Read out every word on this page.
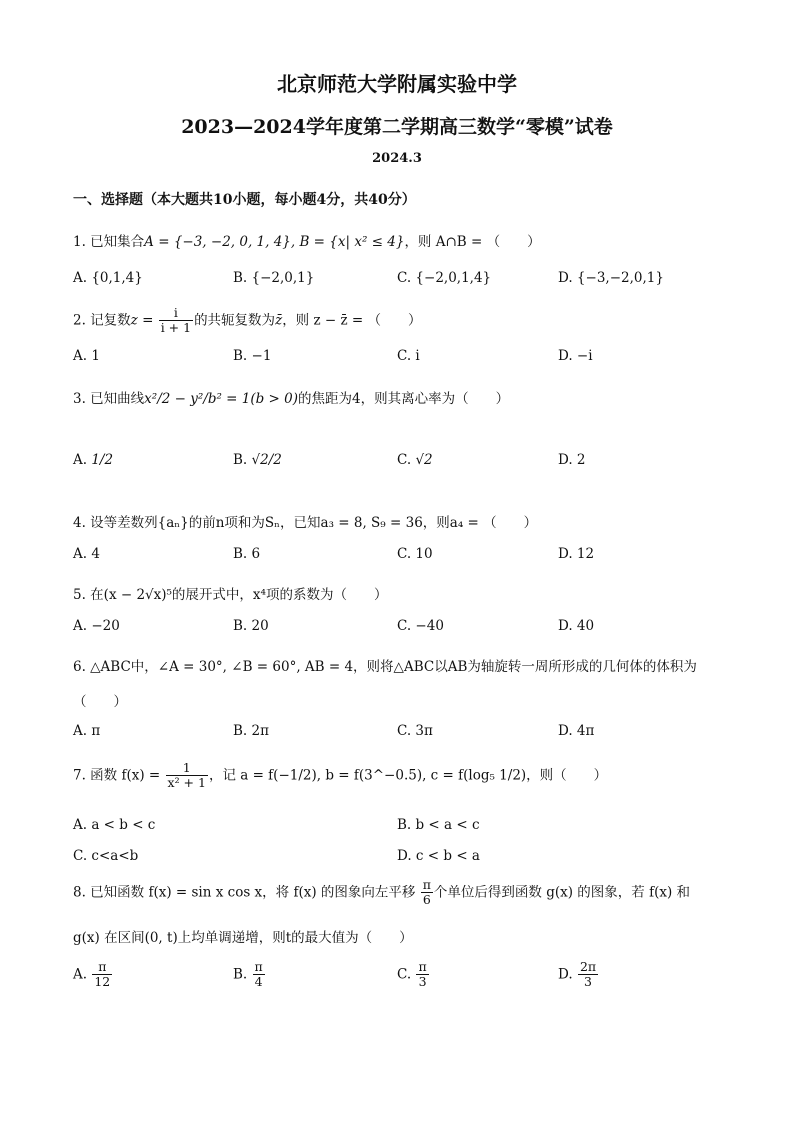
北京师范大学附属实验中学
2023—2024学年度第二学期高三数学“零模”试卷
2024.3
一、选择题（本大题共10小题，每小题4分，共40分）
1. 已知集合A = {−3, −2, 0, 1, 4}, B = {x| x² ≤ 4}，则 A∩B = （　　）
A. {0,1,4}	B. {−2,0,1}	C. {−2,0,1,4}	D. {−3,−2,0,1}
2. 记复数$z = \frac{i}{i + 1}$ 的共轭复数为z̄，则 z − z̄ = （　　）
A. 1	B. −1	C. i	D. −i
3. 已知曲线x²/2 − y²/b² = 1(b > 0)的焦距为4，则其离心率为（　　）
A. 1/2	B. √2/2	C. √2	D. 2
4. 设等差数列{aₙ}的前n项和为Sₙ，已知a₃ = 8, S₉ = 36，则a₄ = （　　）
A. 4	B. 6	C. 10	D. 12
5. 在(x − 2√x)⁵的展开式中，x⁴项的系数为（　　）
A. −20	B. 20	C. −40	D. 40
6. △ABC中，∠A = 30°, ∠B = 60°, AB = 4，则将△ABC以AB为轴旋转一周所形成的几何体的体积为
（　　）
A. π	B. 2π	C. 3π	D. 4π
7. 函数 $f(x) = \frac{1}{\text{x² + 1}}$ ，记 a = f(−1/2), b = f(3^−0.5), c = f(log₅ 1/2)，则（　　）
A. a < b < c	B. b < a < c
C. c<a<b	D. c < b < a
8. 已知函数 f(x) = sin x cos x，将 f(x) 的图象向左平移 $\frac{\pi}{6}$ 个单位后得到函数 g(x) 的图象，若 f(x) 和
g(x) 在区间(0, t)上均单调递增，则t的最大值为（　　）
A. $\frac{\pi}{12}$	B. $\frac{\pi}{4}$	C. $\frac{\pi}{3}$	D. $\frac{2\pi}{3}$
